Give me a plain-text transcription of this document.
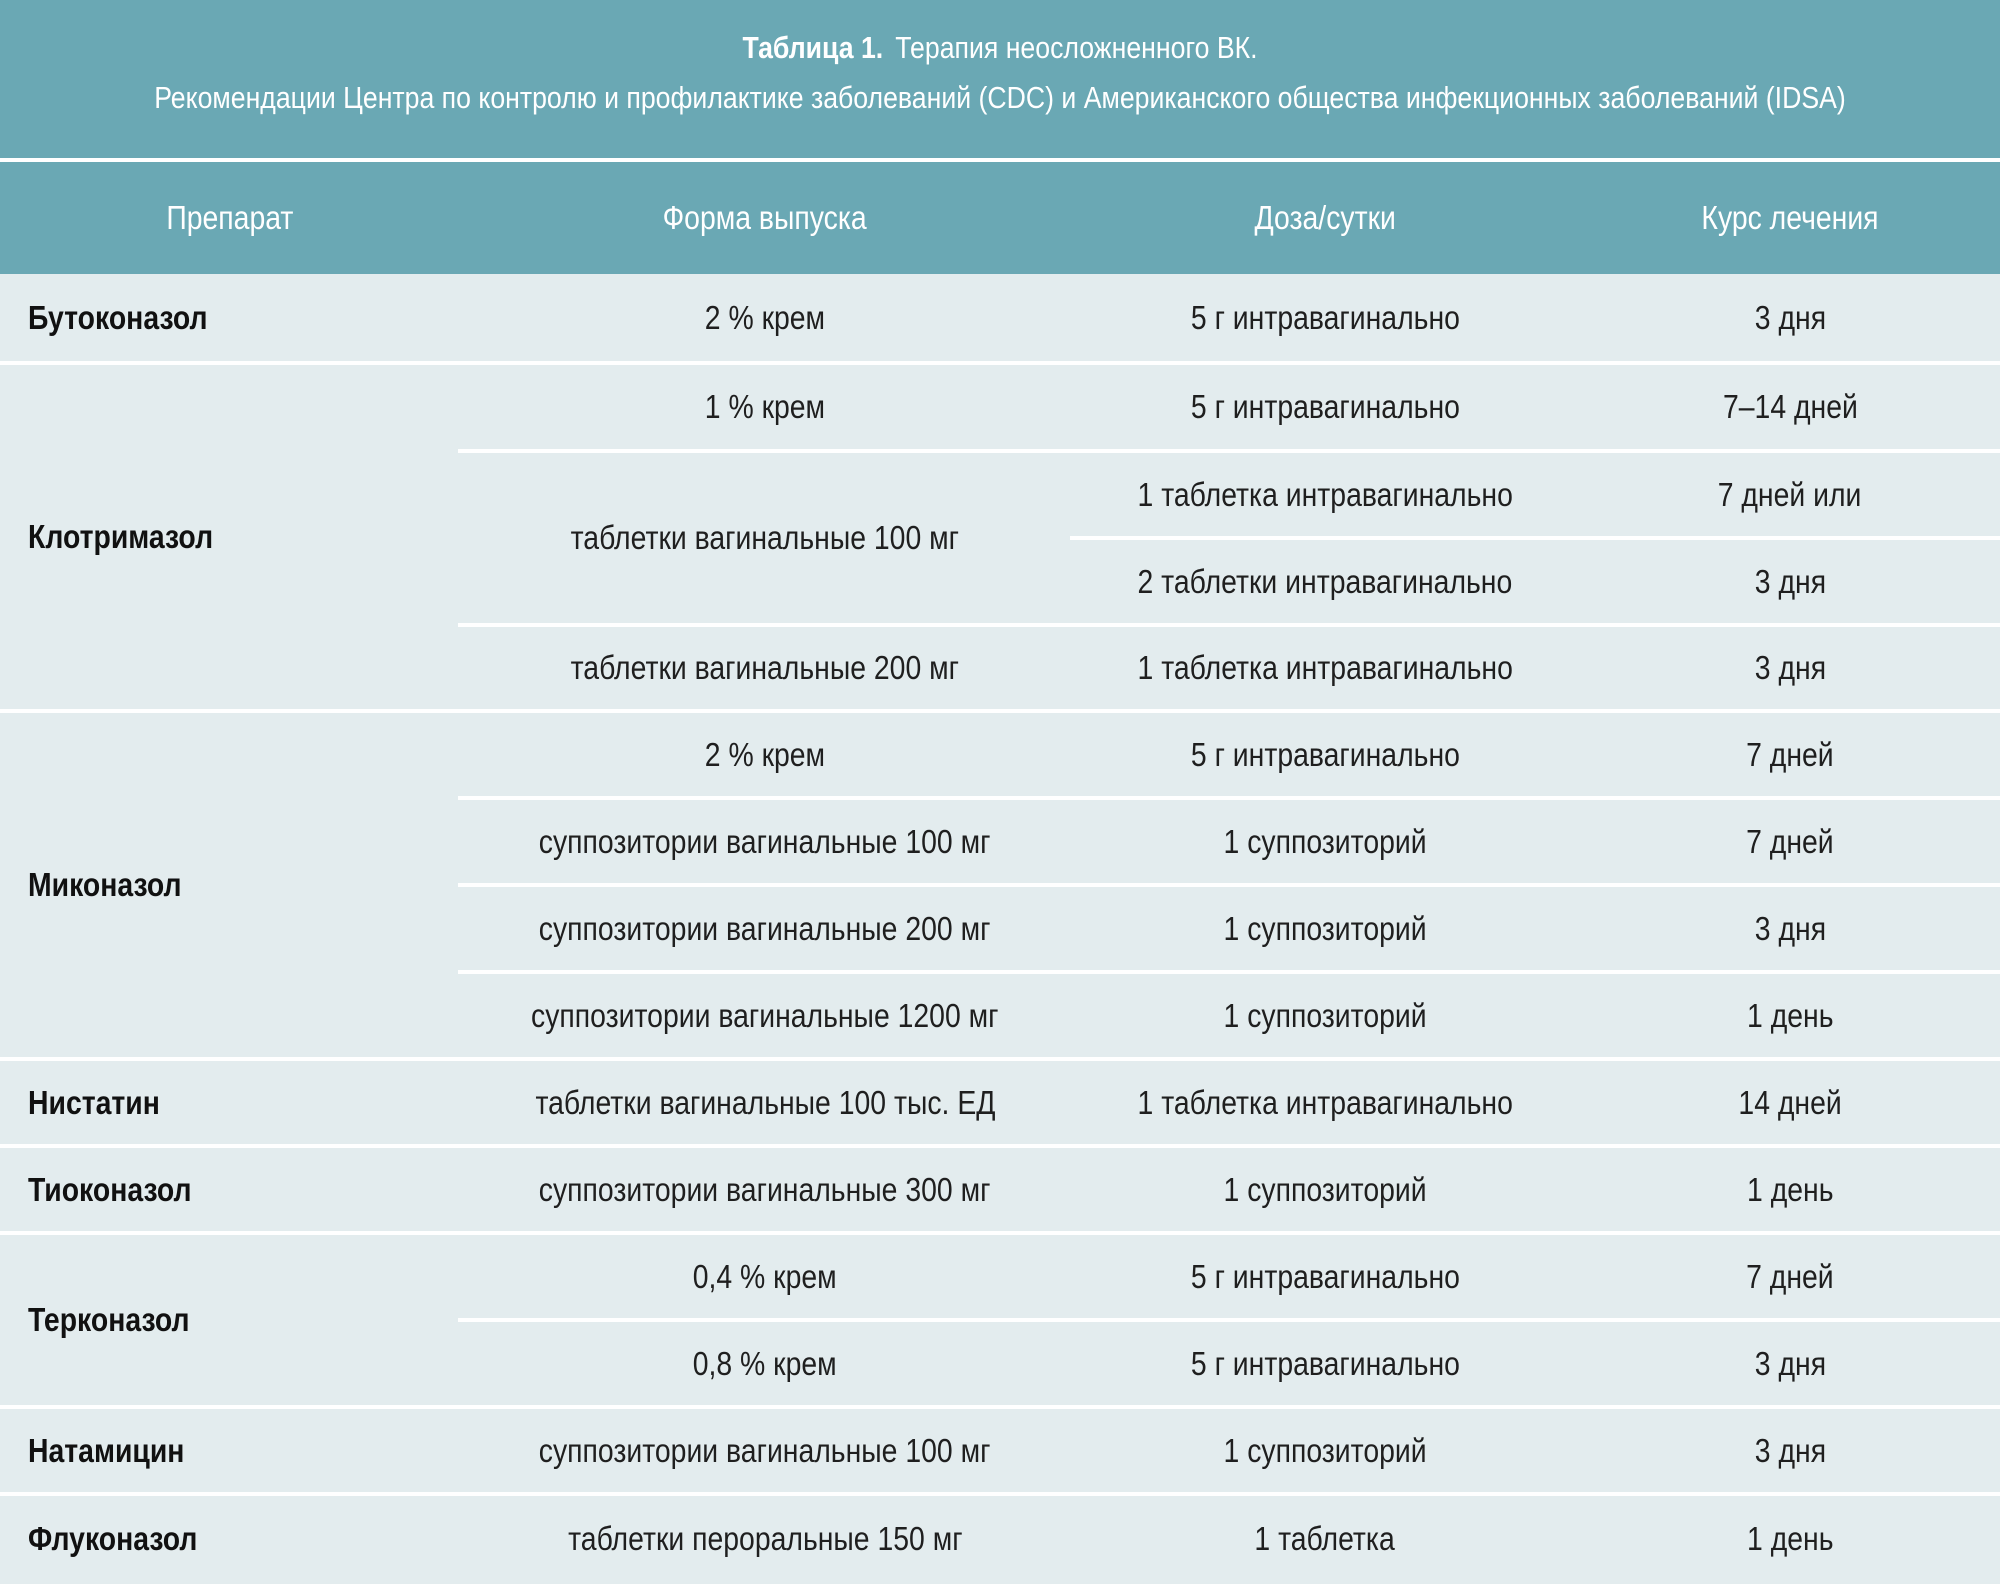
Таблица 1. Терапия неосложненного ВК.
Рекомендации Центра по контролю и профилактике заболеваний (CDC) и Американского общества инфекционных заболеваний (IDSA)
Препарат	Форма выпуска	Доза/сутки	Курс лечения
Бутоконазол	2 % крем	5 г интравагинально	3 дня
Клотримазол
1 % крем	5 г интравагинально	7–14 дней
таблетки вагинальные 100 мг
1 таблетка интравагинально	7 дней или
2 таблетки интравагинально	3 дня
таблетки вагинальные 200 мг	1 таблетка интравагинально	3 дня
Миконазол
2 % крем	5 г интравагинально	7 дней
суппозитории вагинальные 100 мг	1 суппозиторий	7 дней
суппозитории вагинальные 200 мг	1 суппозиторий	3 дня
суппозитории вагинальные 1200 мг	1 суппозиторий	1 день
Нистатин	таблетки вагинальные 100 тыс. ЕД	1 таблетка интравагинально	14 дней
Тиоконазол	суппозитории вагинальные 300 мг	1 суппозиторий	1 день
Терконазол
0,4 % крем	5 г интравагинально	7 дней
0,8 % крем	5 г интравагинально	3 дня
Натамицин	суппозитории вагинальные 100 мг	1 суппозиторий	3 дня
Флуконазол	таблетки пероральные 150 мг	1 таблетка	1 день
